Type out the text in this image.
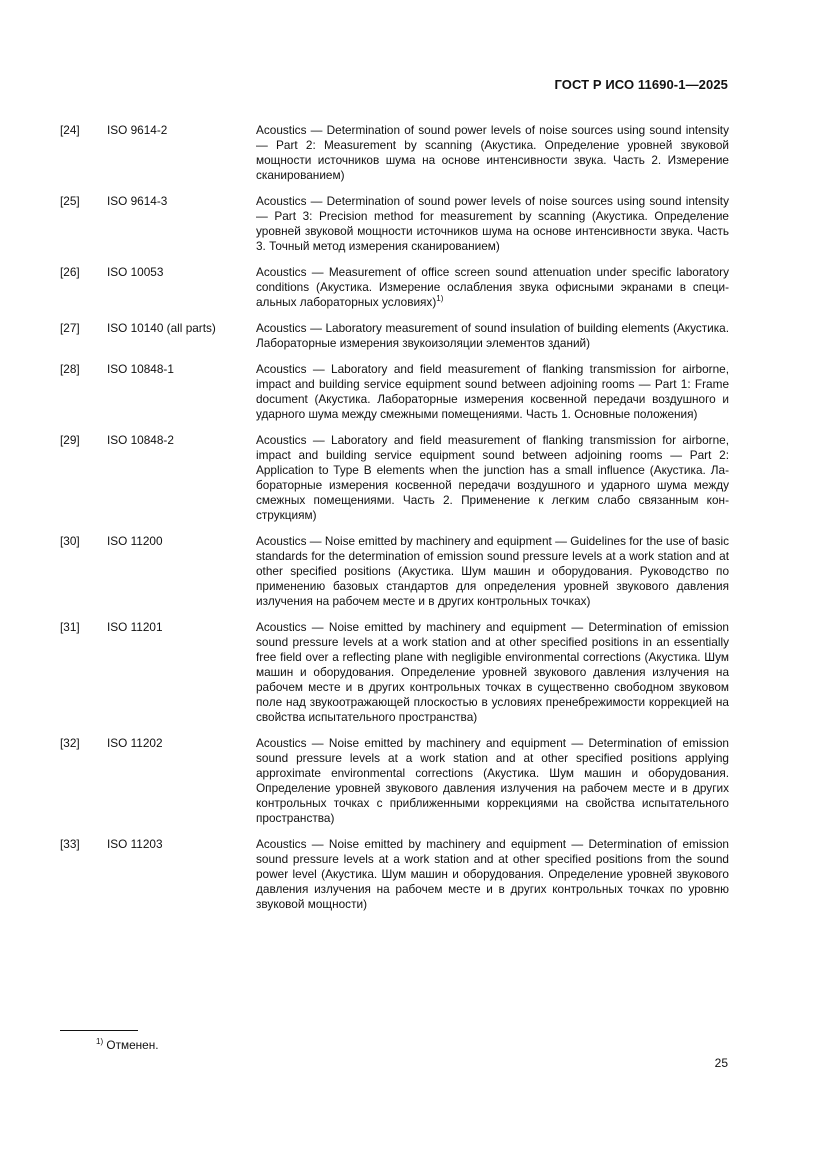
ГОСТ Р ИСО 11690-1—2025
[24]	ISO 9614-2	Acoustics — Determination of sound power levels of noise sources using sound intensity — Part 2: Measurement by scanning (Акустика. Определение уровней звуковой мощности источников шума на основе интенсивности звука. Часть 2. Измерение сканированием)
[25]	ISO 9614-3	Acoustics — Determination of sound power levels of noise sources using sound intensity — Part 3: Precision method for measurement by scanning (Акустика. Определение уровней звуковой мощности источников шума на основе интенсивности звука. Часть 3. Точный метод измерения сканированием)
[26]	ISO 10053	Acoustics — Measurement of office screen sound attenuation under specific laboratory conditions (Акустика. Измерение ослабления звука офисными экранами в специальных лабораторных условиях)$^{1)}$
[27]	ISO 10140 (all parts)	Acoustics — Laboratory measurement of sound insulation of building elements (Акустика. Лабораторные измерения звукоизоляции элементов зданий)
[28]	ISO 10848-1	Acoustics — Laboratory and field measurement of flanking transmission for airborne, impact and building service equipment sound between adjoining rooms — Part 1: Frame document (Акустика. Лабораторные измерения косвенной передачи воздушного и ударного шума между смежными помещениями. Часть 1. Основные положения)
[29]	ISO 10848-2	Acoustics — Laboratory and field measurement of flanking transmission for airborne, impact and building service equipment sound between adjoining rooms — Part 2: Application to Type B elements when the junction has a small influence (Акустика. Лабораторные измерения косвенной передачи воздушного и ударного шума между смежных помещениями. Часть 2. Применение к легким слабо связанным конструкциям)
[30]	ISO 11200	Acoustics — Noise emitted by machinery and equipment — Guidelines for the use of basic standards for the determination of emission sound pressure levels at a work station and at other specified positions (Акустика. Шум машин и оборудования. Руководство по применению базовых стандартов для определения уровней звукового давления излучения на рабочем месте и в других контрольных точках)
[31]	ISO 11201	Acoustics — Noise emitted by machinery and equipment — Determination of emission sound pressure levels at a work station and at other specified positions in an essentially free field over a reflecting plane with negligible environmental corrections (Акустика. Шум машин и оборудования. Определение уровней звукового давления излучения на рабочем месте и в других контрольных точках в существенно свободном звуковом поле над звукоотражающей плоскостью в условиях пренебрежимости коррекцией на свойства испытательного пространства)
[32]	ISO 11202	Acoustics — Noise emitted by machinery and equipment — Determination of emission sound pressure levels at a work station and at other specified positions applying approximate environmental corrections (Акустика. Шум машин и оборудования. Определение уровней звукового давления излучения на рабочем месте и в других контрольных точках с приближенными коррекциями на свойства испытательного пространства)
[33]	ISO 11203	Acoustics — Noise emitted by machinery and equipment — Determination of emission sound pressure levels at a work station and at other specified positions from the sound power level (Акустика. Шум машин и оборудования. Определение уровней звукового давления излучения на рабочем месте и в других контрольных точках по уровню звуковой мощности)
$^{1)}$ Отменен.
25
